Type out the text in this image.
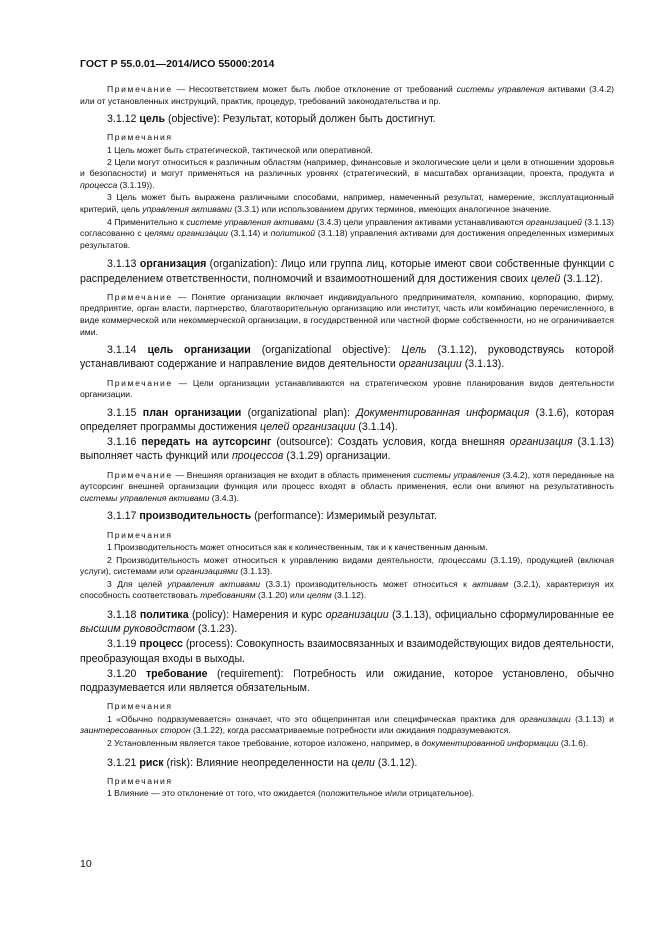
ГОСТ Р 55.0.01—2014/ИСО 55000:2014
Примечание — Несоответствием может быть любое отклонение от требований системы управления активами (3.4.2) или от установленных инструкций, практик, процедур, требований законодательства и пр.

3.1.12 цель (objective): Результат, который должен быть достигнут.

Примечания

1 Цель может быть стратегической, тактической или оперативной.

2 Цели могут относиться к различным областям (например, финансовые и экологические цели и цели в отношении здоровья и безопасности) и могут применяться на различных уровнях (стратегический, в масштабах организации, проекта, продукта и процесса (3.1.19)).

3 Цель может быть выражена различными способами, например, намеченный результат, намерение, эксплуатационный критерий, цель управления активами (3.3.1) или использованием других терминов, имеющих аналогичное значение.

4 Применительно к системе управления активами (3.4.3) цели управления активами устанавливаются организацией (3.1.13) согласованно с целями организации (3.1.14) и политикой (3.1.18) управления активами для достижения определенных измеримых результатов.

3.1.13 организация (organization): Лицо или группа лиц, которые имеют свои собственные функции с распределением ответственности, полномочий и взаимоотношений для достижения своих целей (3.1.12).

Примечание — Понятие организации включает индивидуального предпринимателя, компанию, корпорацию, фирму, предприятие, орган власти, партнерство, благотворительную организацию или институт, часть или комбинацию перечисленного, в виде коммерческой или некоммерческой организации, в государственной или частной форме собственности, но не ограничивается ими.

3.1.14 цель организации (organizational objective): Цель (3.1.12), руководствуясь которой устанавливают содержание и направление видов деятельности организации (3.1.13).

Примечание — Цели организации устанавливаются на стратегическом уровне планирования видов деятельности организации.

3.1.15 план организации (organizational plan): Документированная информация (3.1.6), которая определяет программы достижения целей организации (3.1.14).

3.1.16 передать на аутсорсинг (outsource): Создать условия, когда внешняя организация (3.1.13) выполняет часть функций или процессов (3.1.29) организации.

Примечание — Внешняя организация не входит в область применения системы управления (3.4.2), хотя переданные на аутсорсинг внешней организации функция или процесс входят в область применения, если они влияют на результативность системы управления активами (3.4.3).

3.1.17 производительность (performance): Измеримый результат.

Примечания

1 Производительность может относиться как к количественным, так и к качественным данным.

2 Производительность может относиться к управлению видами деятельности, процессами (3.1.19), продукцией (включая услуги), системами или организациями (3.1.13).

3 Для целей управления активами (3.3.1) производительность может относиться к активам (3.2.1), характеризуя их способность соответствовать требованиям (3.1.20) или целям (3.1.12).

3.1.18 политика (policy): Намерения и курс организации (3.1.13), официально сформулированные ее высшим руководством (3.1.23).

3.1.19 процесс (process): Совокупность взаимосвязанных и взаимодействующих видов деятельности, преобразующая входы в выходы.

3.1.20 требование (requirement): Потребность или ожидание, которое установлено, обычно подразумевается или является обязательным.

Примечания

1 «Обычно подразумевается» означает, что это общепринятая или специфическая практика для организации (3.1.13) и заинтересованных сторон (3.1.22), когда рассматриваемые потребности или ожидания подразумеваются.

2 Установленным является такое требование, которое изложено, например, в документированной информации (3.1.6).

3.1.21 риск (risk): Влияние неопределенности на цели (3.1.12).

Примечания

1 Влияние — это отклонение от того, что ожидается (положительное и/или отрицательное).

10
